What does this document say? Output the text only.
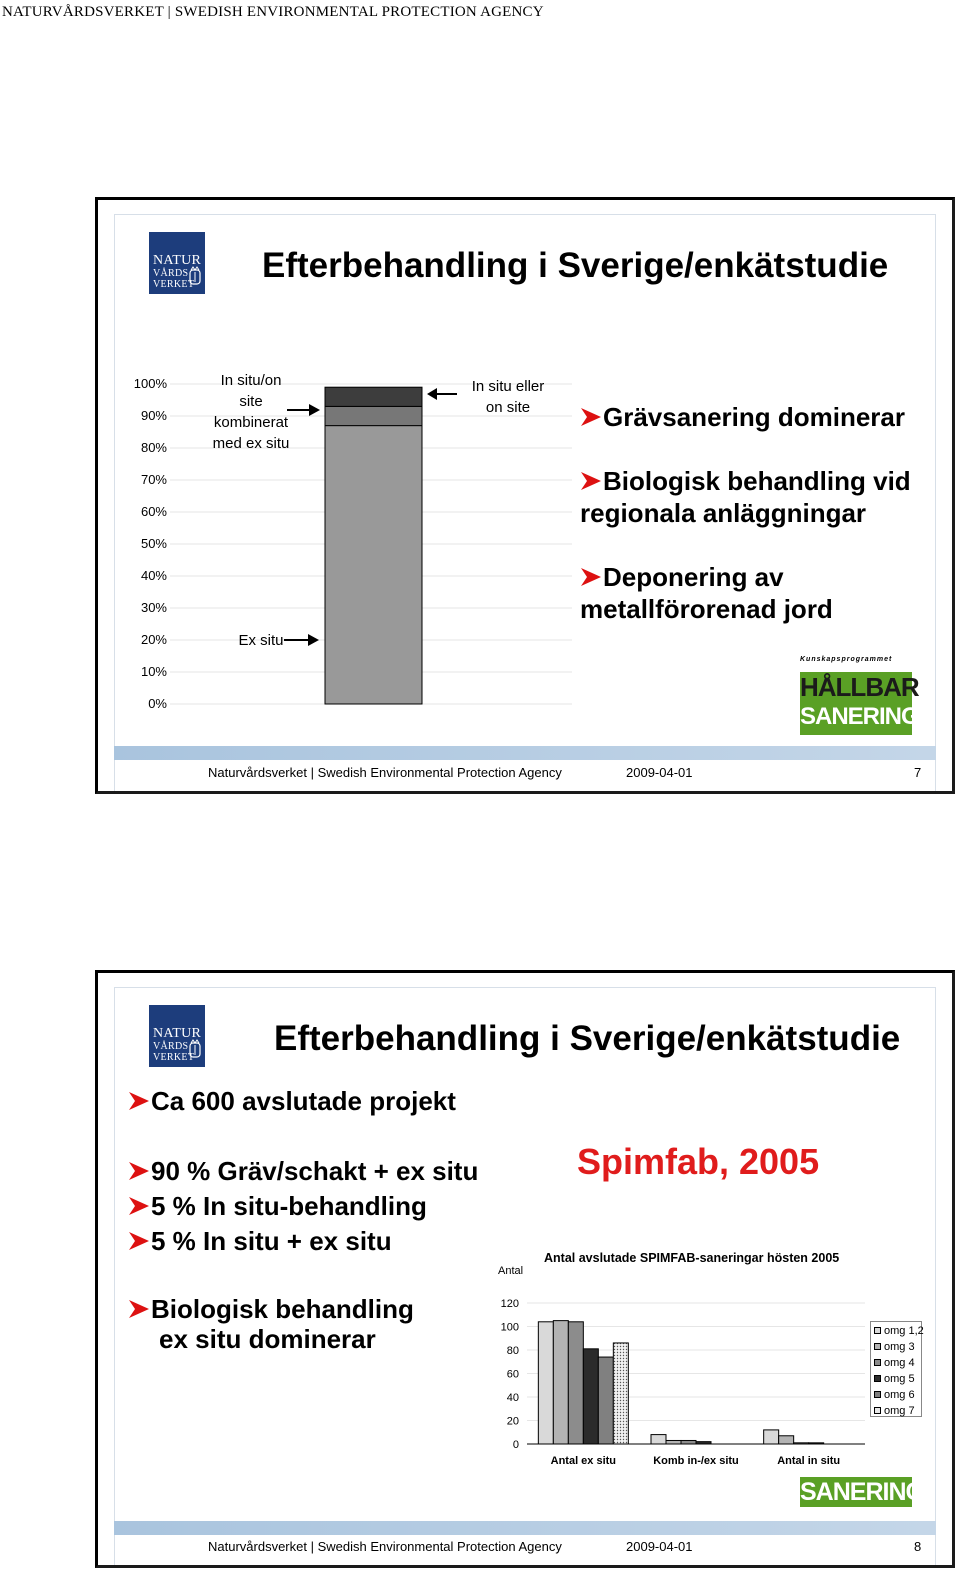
NATURVÅRDSVERKET | SWEDISH ENVIRONMENTAL PROTECTION AGENCY
NATUR
VÅRDS
VERKET Efterbehandling i Sverige/enkätstudie
0%
10%
20%
30%
40%
50%
60%
70%
80%
90%
100%	In situ/on
site
kombinerat
med ex situ
In situ eller
on site
Ex situ
Grävsanering dominerar
Biologisk behandling vid
regionala anläggningar
Deponering av
metallförorenad jord
Kunskapsprogrammet
HÅLLBAR
SANERING
Naturvårdsverket | Swedish Environmental Protection Agency	2009-04-01	7
NATUR
VÅRDS
VERKET Efterbehandling i Sverige/enkätstudie
Ca 600 avslutade projekt
90 % Gräv/schakt + ex situ
5 % In situ-behandling
5 % In situ + ex situ
Biologisk behandling
ex situ dominerar
Spimfab, 2005
Antal avslutade SPIMFAB-saneringar hösten 2005
Antal
0
20
40
60
80
100
120
Antal ex situ	Komb in-/ex situ	Antal in situ
omg 1,2
omg 3
omg 4
omg 5
omg 6
omg 7
SANERING
Naturvårdsverket | Swedish Environmental Protection Agency	2009-04-01	8
